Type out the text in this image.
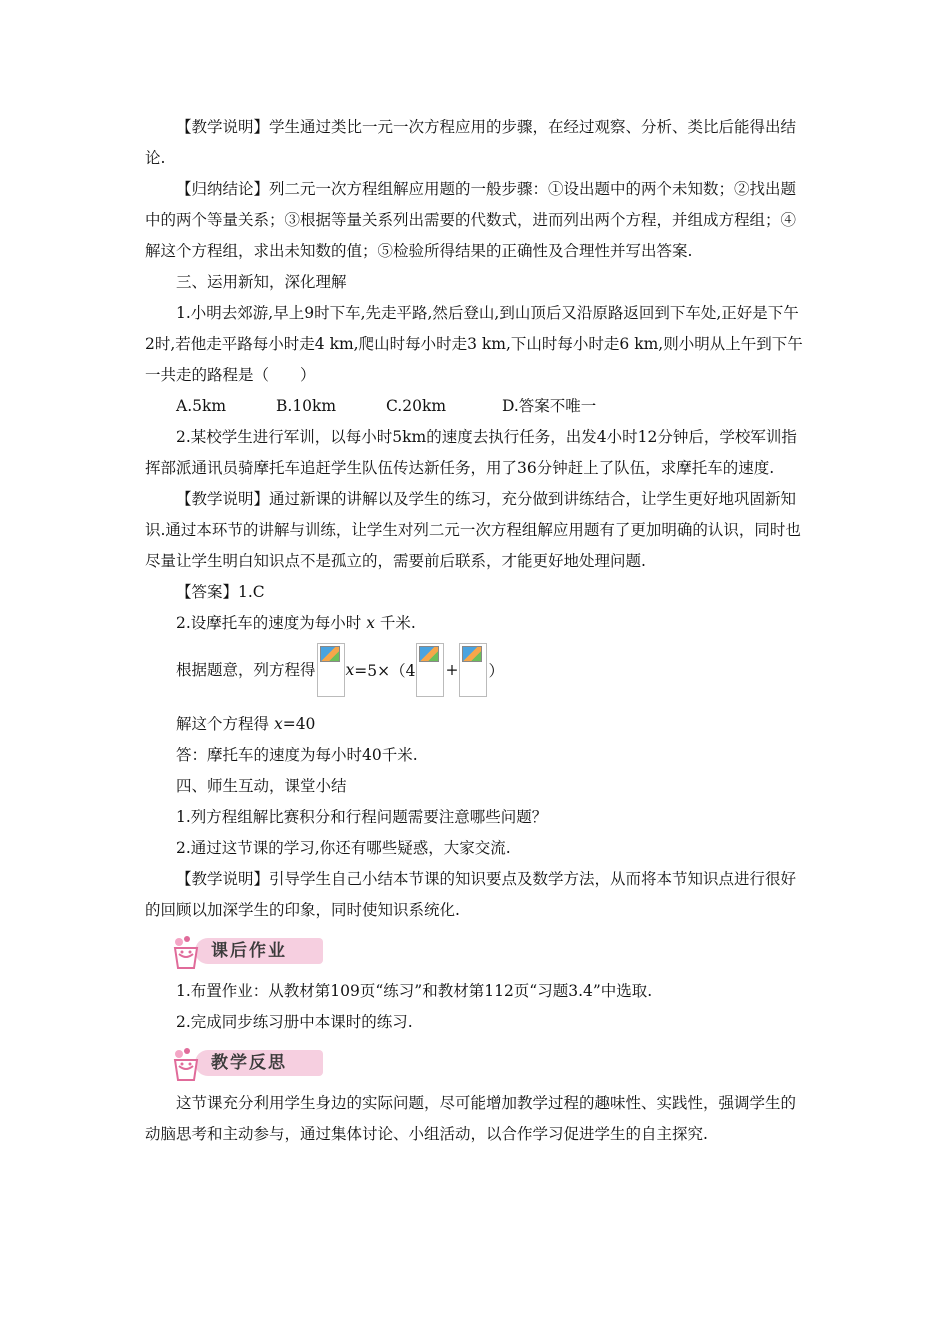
【教学说明】学生通过类比一元一次方程应用的步骤，在经过观察、分析、类比后能得出结论.

【归纳结论】列二元一次方程组解应用题的一般步骤：①设出题中的两个未知数；②找出题中的两个等量关系；③根据等量关系列出需要的代数式，进而列出两个方程，并组成方程组；④解这个方程组，求出未知数的值；⑤检验所得结果的正确性及合理性并写出答案.

三、运用新知，深化理解

1.小明去郊游,早上9时下车,先走平路,然后登山,到山顶后又沿原路返回到下车处,正好是下午2时,若他走平路每小时走4 km,爬山时每小时走3 km,下山时每小时走6 km,则小明从上午到下午一共走的路程是（　　）

A.5km	B.10km	C.20km	D.答案不唯一

2.某校学生进行军训，以每小时5km的速度去执行任务，出发4小时12分钟后，学校军训指挥部派通讯员骑摩托车追赶学生队伍传达新任务，用了36分钟赶上了队伍，求摩托车的速度.

【教学说明】通过新课的讲解以及学生的练习，充分做到讲练结合，让学生更好地巩固新知识.通过本环节的讲解与训练，让学生对列二元一次方程组解应用题有了更加明确的认识，同时也尽量让学生明白知识点不是孤立的，需要前后联系，才能更好地处理问题.

【答案】1.C

2.设摩托车的速度为每小时 x 千米.

根据题意，列方程得 x =5×（4 + ）

解这个方程得 x=40

答：摩托车的速度为每小时40千米.

四、师生互动，课堂小结

1.列方程组解比赛积分和行程问题需要注意哪些问题？

2.通过这节课的学习,你还有哪些疑惑，大家交流.

【教学说明】引导学生自己小结本节课的知识要点及数学方法，从而将本节知识点进行很好的回顾以加深学生的印象，同时使知识系统化.

课后作业

1.布置作业：从教材第109页“练习”和教材第112页“习题3.4”中选取.

2.完成同步练习册中本课时的练习.

教学反思

这节课充分利用学生身边的实际问题，尽可能增加教学过程的趣味性、实践性，强调学生的动脑思考和主动参与，通过集体讨论、小组活动，以合作学习促进学生的自主探究.
